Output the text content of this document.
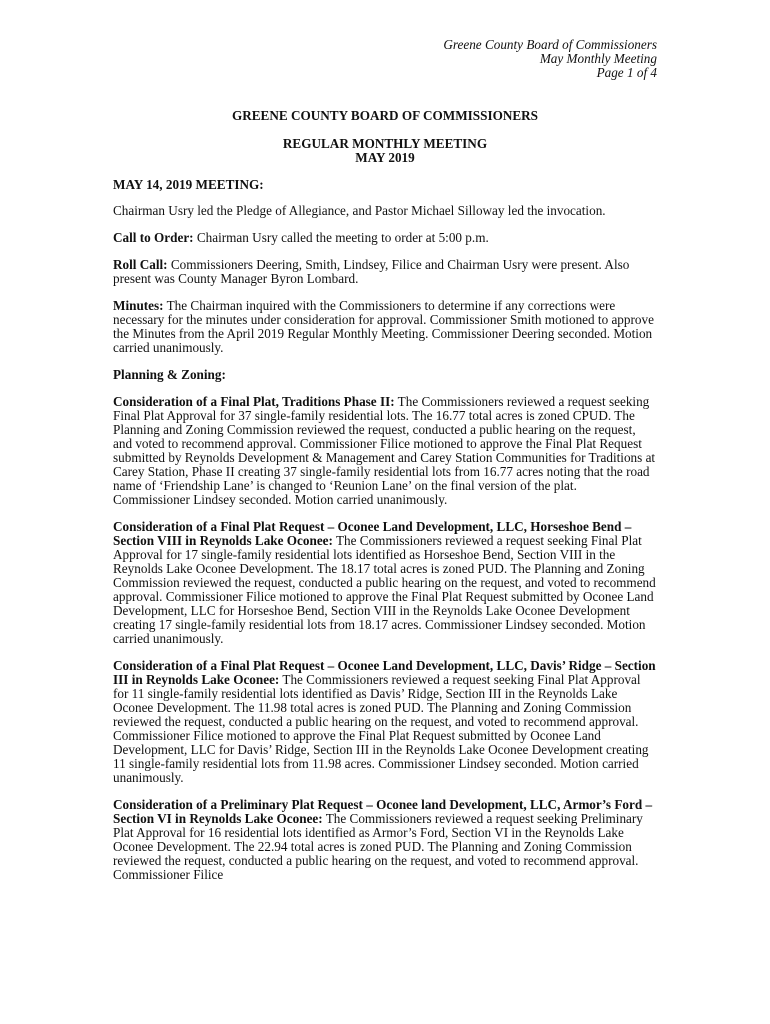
Greene County Board of Commissioners
May Monthly Meeting
Page 1 of 4
GREENE COUNTY BOARD OF COMMISSIONERS
REGULAR MONTHLY MEETING
MAY 2019
MAY 14, 2019 MEETING:

Chairman Usry led the Pledge of Allegiance, and Pastor Michael Silloway led the invocation.

Call to Order: Chairman Usry called the meeting to order at 5:00 p.m.

Roll Call: Commissioners Deering, Smith, Lindsey, Filice and Chairman Usry were present. Also present was County Manager Byron Lombard.

Minutes: The Chairman inquired with the Commissioners to determine if any corrections were necessary for the minutes under consideration for approval. Commissioner Smith motioned to approve the Minutes from the April 2019 Regular Monthly Meeting. Commissioner Deering seconded. Motion carried unanimously.

Planning & Zoning:

Consideration of a Final Plat, Traditions Phase II: The Commissioners reviewed a request seeking Final Plat Approval for 37 single-family residential lots. The 16.77 total acres is zoned CPUD. The Planning and Zoning Commission reviewed the request, conducted a public hearing on the request, and voted to recommend approval. Commissioner Filice motioned to approve the Final Plat Request submitted by Reynolds Development & Management and Carey Station Communities for Traditions at Carey Station, Phase II creating 37 single-family residential lots from 16.77 acres noting that the road name of ‘Friendship Lane’ is changed to ‘Reunion Lane’ on the final version of the plat. Commissioner Lindsey seconded. Motion carried unanimously.

Consideration of a Final Plat Request – Oconee Land Development, LLC, Horseshoe Bend – Section VIII in Reynolds Lake Oconee: The Commissioners reviewed a request seeking Final Plat Approval for 17 single-family residential lots identified as Horseshoe Bend, Section VIII in the Reynolds Lake Oconee Development. The 18.17 total acres is zoned PUD. The Planning and Zoning Commission reviewed the request, conducted a public hearing on the request, and voted to recommend approval. Commissioner Filice motioned to approve the Final Plat Request submitted by Oconee Land Development, LLC for Horseshoe Bend, Section VIII in the Reynolds Lake Oconee Development creating 17 single-family residential lots from 18.17 acres. Commissioner Lindsey seconded. Motion carried unanimously.

Consideration of a Final Plat Request – Oconee Land Development, LLC, Davis’ Ridge – Section III in Reynolds Lake Oconee: The Commissioners reviewed a request seeking Final Plat Approval for 11 single-family residential lots identified as Davis’ Ridge, Section III in the Reynolds Lake Oconee Development. The 11.98 total acres is zoned PUD. The Planning and Zoning Commission reviewed the request, conducted a public hearing on the request, and voted to recommend approval. Commissioner Filice motioned to approve the Final Plat Request submitted by Oconee Land Development, LLC for Davis’ Ridge, Section III in the Reynolds Lake Oconee Development creating 11 single-family residential lots from 11.98 acres. Commissioner Lindsey seconded. Motion carried unanimously.

Consideration of a Preliminary Plat Request – Oconee land Development, LLC, Armor’s Ford – Section VI in Reynolds Lake Oconee: The Commissioners reviewed a request seeking Preliminary Plat Approval for 16 residential lots identified as Armor’s Ford, Section VI in the Reynolds Lake Oconee Development. The 22.94 total acres is zoned PUD. The Planning and Zoning Commission reviewed the request, conducted a public hearing on the request, and voted to recommend approval. Commissioner Filice
